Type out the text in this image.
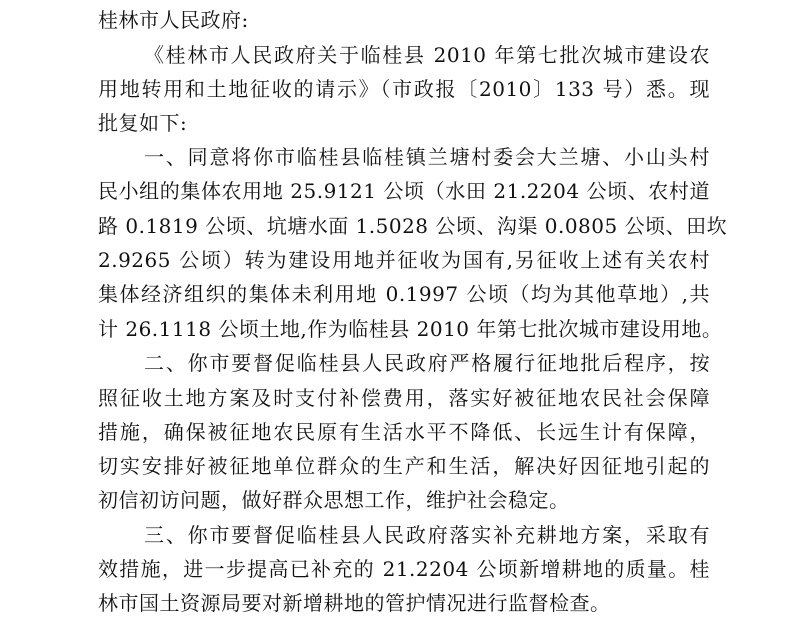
桂林市人民政府:
《桂林市人民政府关于临桂县 2010 年第七批次城市建设农
用地转用和土地征收的请示》（市政报〔2010〕133 号）悉。现
批复如下:
一、同意将你市临桂县临桂镇兰塘村委会大兰塘、小山头村
民小组的集体农用地 25.9121 公顷（水田 21.2204 公顷、农村道
路 0.1819 公顷、坑塘水面 1.5028 公顷、沟渠 0.0805 公顷、田坎
2.9265 公顷）转为建设用地并征收为国有,另征收上述有关农村
集体经济组织的集体未利用地 0.1997 公顷（均为其他草地）,共
计 26.1118 公顷土地,作为临桂县 2010 年第七批次城市建设用地。
二、你市要督促临桂县人民政府严格履行征地批后程序，按
照征收土地方案及时支付补偿费用，落实好被征地农民社会保障
措施，确保被征地农民原有生活水平不降低、长远生计有保障，
切实安排好被征地单位群众的生产和生活，解决好因征地引起的
初信初访问题，做好群众思想工作，维护社会稳定。
三、你市要督促临桂县人民政府落实补充耕地方案，采取有
效措施，进一步提高已补充的 21.2204 公顷新增耕地的质量。桂
林市国土资源局要对新增耕地的管护情况进行监督检查。
